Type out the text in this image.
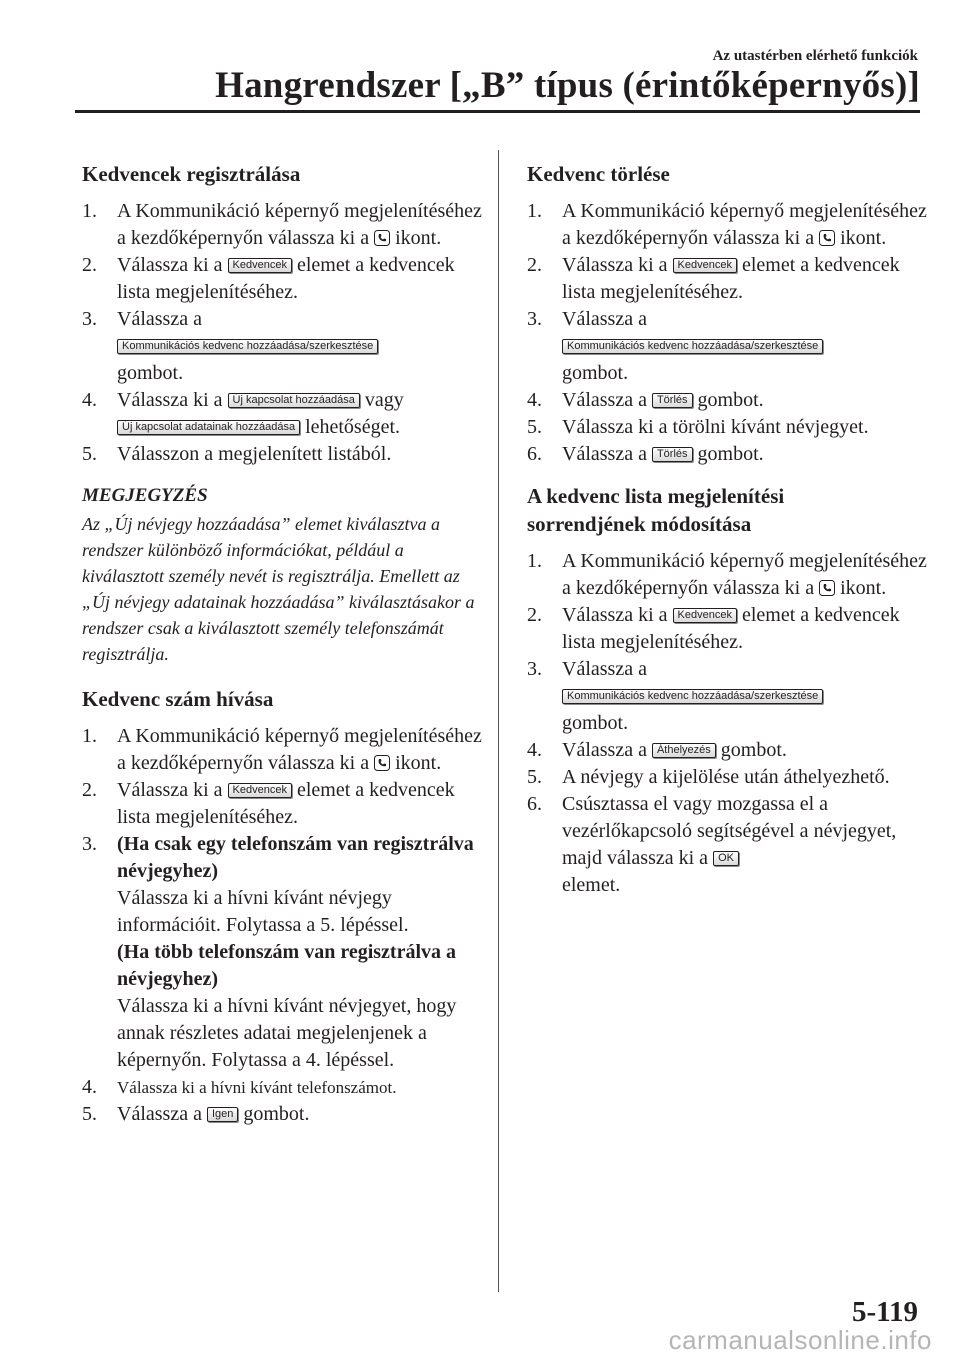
Az utastérben elérhető funkciók
Hangrendszer [„B” típus (érintőképernyős)]
Kedvencek regisztrálása
1. A Kommunikáció képernyő megjelenítéséhez a kezdőképernyőn válassza ki a  ikont.
2. Válassza ki a Kedvencek elemet a kedvencek lista megjelenítéséhez.
3. Válassza a
Kommunikációs kedvenc hozzáadása/szerkesztése
gombot.
4. Válassza ki a Új kapcsolat hozzáadása vagy
Új kapcsolat adatainak hozzáadása lehetőséget.
5. Válasszon a megjelenített listából.
MEGJEGYZÉS
Az „Új névjegy hozzáadása” elemet kiválasztva a rendszer különböző információkat, például a kiválasztott személy nevét is regisztrálja. Emellett az „Új névjegy adatainak hozzáadása” kiválasztásakor a rendszer csak a kiválasztott személy telefonszámát regisztrálja.
Kedvenc szám hívása
1. A Kommunikáció képernyő megjelenítéséhez a kezdőképernyőn válassza ki a  ikont.
2. Válassza ki a Kedvencek elemet a kedvencek lista megjelenítéséhez.
3. (Ha csak egy telefonszám van regisztrálva névjegyhez)
Válassza ki a hívni kívánt névjegy információit. Folytassa a 5. lépéssel.
(Ha több telefonszám van regisztrálva a névjegyhez)
Válassza ki a hívni kívánt névjegyet, hogy annak részletes adatai megjelenjenek a képernyőn. Folytassa a 4. lépéssel.
4. Válassza ki a hívni kívánt telefonszámot.
5. Válassza a Igen gombot.
Kedvenc törlése
1. A Kommunikáció képernyő megjelenítéséhez a kezdőképernyőn válassza ki a  ikont.
2. Válassza ki a Kedvencek elemet a kedvencek lista megjelenítéséhez.
3. Válassza a
Kommunikációs kedvenc hozzáadása/szerkesztése
gombot.
4. Válassza a Törlés gombot.
5. Válassza ki a törölni kívánt névjegyet.
6. Válassza a Törlés gombot.
A kedvenc lista megjelenítési
sorrendjének módosítása
1. A Kommunikáció képernyő megjelenítéséhez a kezdőképernyőn válassza ki a  ikont.
2. Válassza ki a Kedvencek elemet a kedvencek lista megjelenítéséhez.
3. Válassza a
Kommunikációs kedvenc hozzáadása/szerkesztése
gombot.
4. Válassza a Áthelyezés gombot.
5. A névjegy a kijelölése után áthelyezhető.
6. Csúsztassa el vagy mozgassa el a vezérlőkapcsoló segítségével a névjegyet, majd válassza ki a OK
elemet.
5-119
carmanualsonline.info
